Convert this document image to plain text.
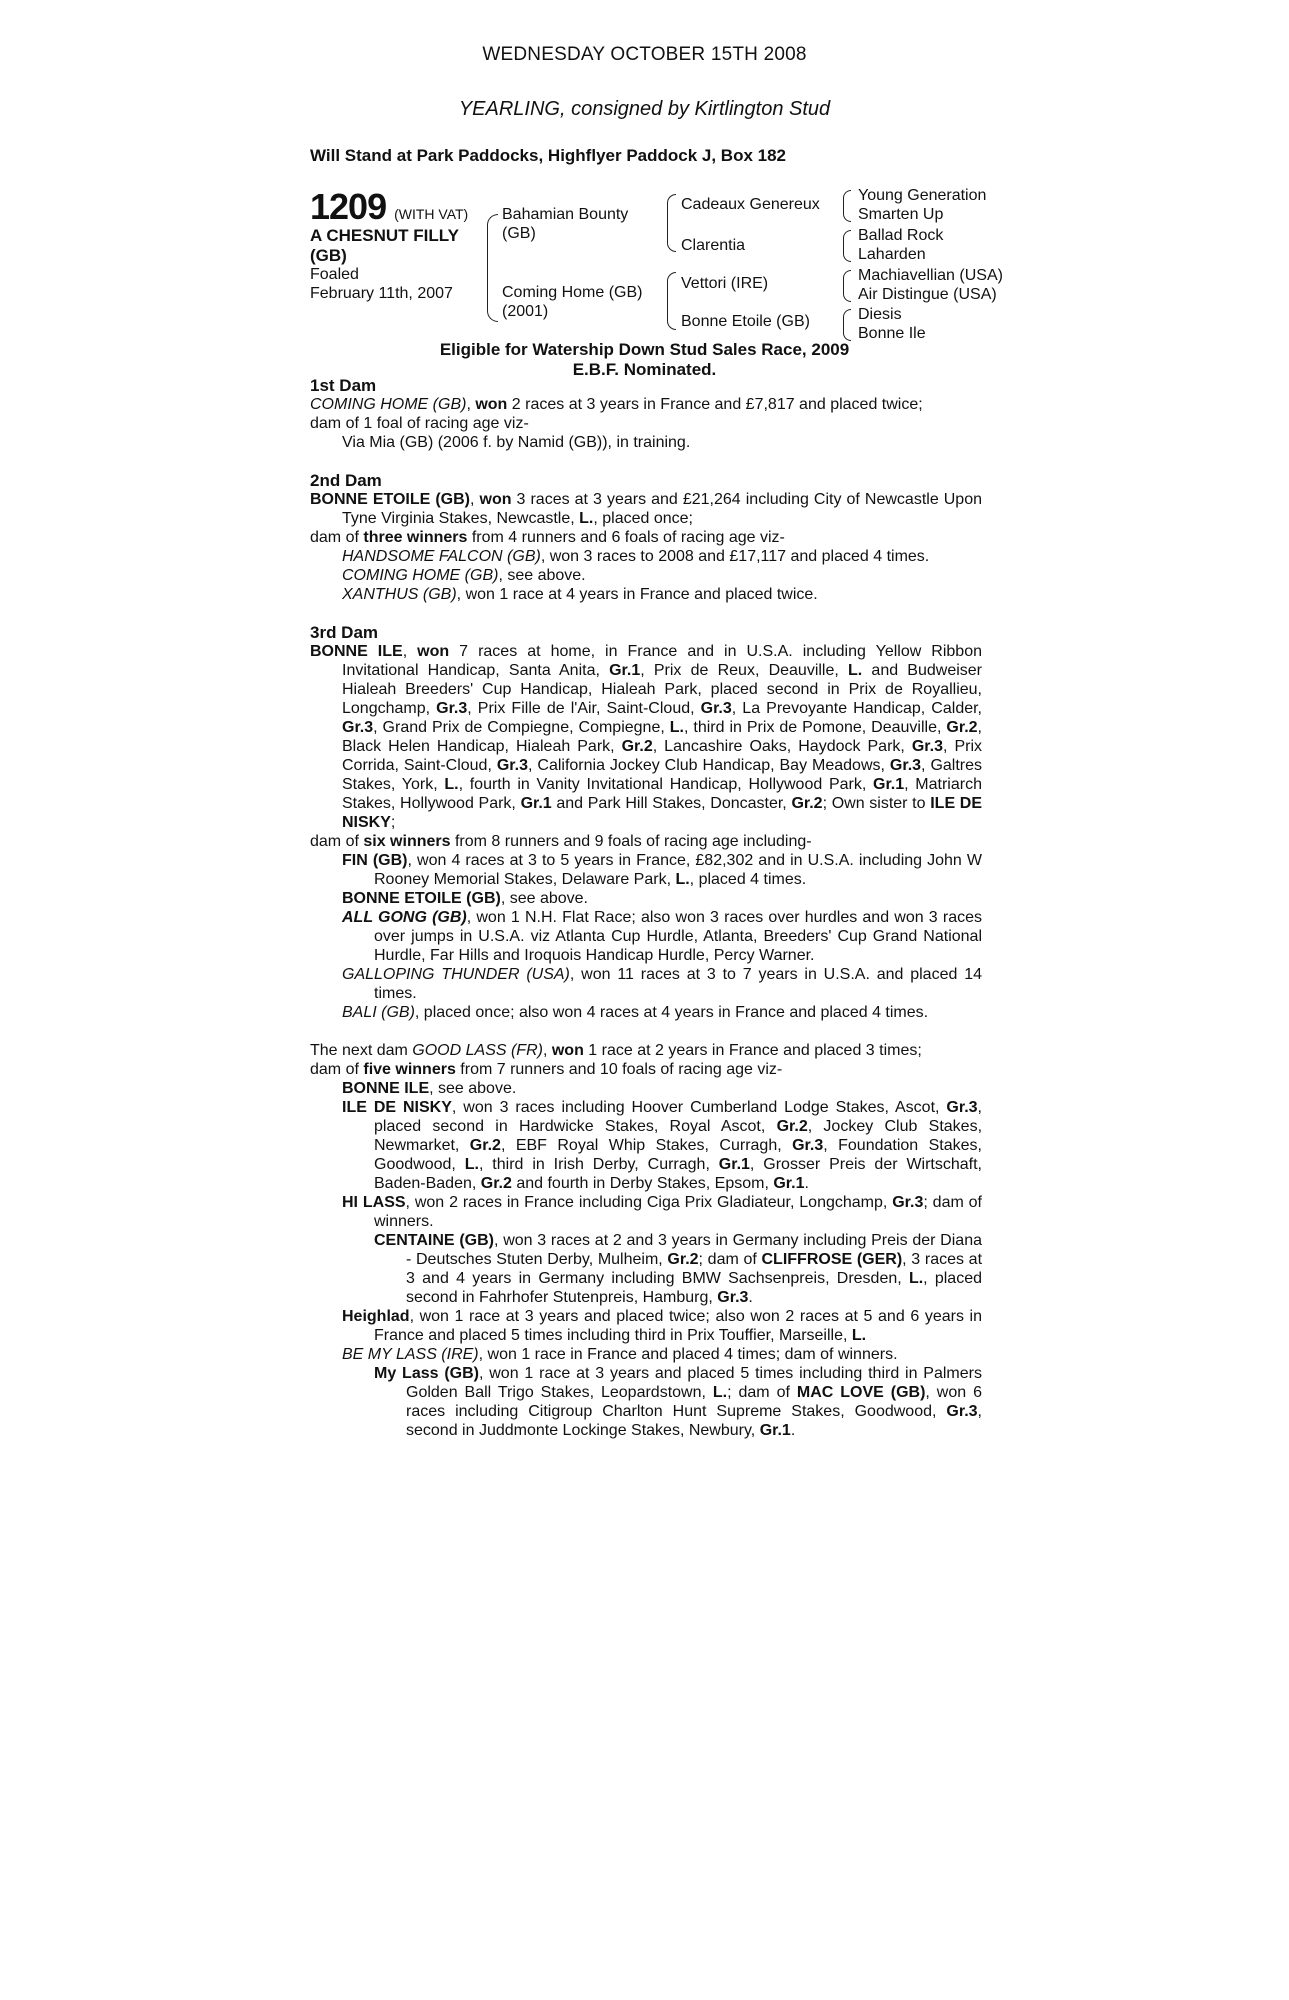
WEDNESDAY OCTOBER 15TH 2008
YEARLING, consigned by Kirtlington Stud
Will Stand at Park Paddocks, Highflyer Paddock J, Box 182
1209 (WITH VAT)
A CHESNUT FILLY
(GB)
Foaled
February 11th, 2007
Bahamian Bounty
(GB)
Coming Home (GB)
(2001)
Cadeaux Genereux
Clarentia
Vettori (IRE)
Bonne Etoile (GB)
Young Generation
Smarten Up
Ballad Rock
Laharden
Machiavellian (USA)
Air Distingue (USA)
Diesis
Bonne Ile
Eligible for Watership Down Stud Sales Race, 2009
E.B.F. Nominated.

1st Dam

COMING HOME (GB), won 2 races at 3 years in France and £7,817 and placed twice;

dam of 1 foal of racing age viz-

Via Mia (GB) (2006 f. by Namid (GB)), in training.

2nd Dam

BONNE ETOILE (GB), won 3 races at 3 years and £21,264 including City of Newcastle Upon Tyne Virginia Stakes, Newcastle, L., placed once;

dam of three winners from 4 runners and 6 foals of racing age viz-

HANDSOME FALCON (GB), won 3 races to 2008 and £17,117 and placed 4 times.

COMING HOME (GB), see above.

XANTHUS (GB), won 1 race at 4 years in France and placed twice.

3rd Dam

BONNE ILE, won 7 races at home, in France and in U.S.A. including Yellow Ribbon Invitational Handicap, Santa Anita, Gr.1, Prix de Reux, Deauville, L. and Budweiser Hialeah Breeders' Cup Handicap, Hialeah Park, placed second in Prix de Royallieu, Longchamp, Gr.3, Prix Fille de l'Air, Saint-Cloud, Gr.3, La Prevoyante Handicap, Calder, Gr.3, Grand Prix de Compiegne, Compiegne, L., third in Prix de Pomone, Deauville, Gr.2, Black Helen Handicap, Hialeah Park, Gr.2, Lancashire Oaks, Haydock Park, Gr.3, Prix Corrida, Saint-Cloud, Gr.3, California Jockey Club Handicap, Bay Meadows, Gr.3, Galtres Stakes, York, L., fourth in Vanity Invitational Handicap, Hollywood Park, Gr.1, Matriarch Stakes, Hollywood Park, Gr.1 and Park Hill Stakes, Doncaster, Gr.2; Own sister to ILE DE NISKY;

dam of six winners from 8 runners and 9 foals of racing age including-

FIN (GB), won 4 races at 3 to 5 years in France, £82,302 and in U.S.A. including John W Rooney Memorial Stakes, Delaware Park, L., placed 4 times.

BONNE ETOILE (GB), see above.

ALL GONG (GB), won 1 N.H. Flat Race; also won 3 races over hurdles and won 3 races over jumps in U.S.A. viz Atlanta Cup Hurdle, Atlanta, Breeders' Cup Grand National Hurdle, Far Hills and Iroquois Handicap Hurdle, Percy Warner.

GALLOPING THUNDER (USA), won 11 races at 3 to 7 years in U.S.A. and placed 14 times.

BALI (GB), placed once; also won 4 races at 4 years in France and placed 4 times.

The next dam GOOD LASS (FR), won 1 race at 2 years in France and placed 3 times;

dam of five winners from 7 runners and 10 foals of racing age viz-

BONNE ILE, see above.

ILE DE NISKY, won 3 races including Hoover Cumberland Lodge Stakes, Ascot, Gr.3, placed second in Hardwicke Stakes, Royal Ascot, Gr.2, Jockey Club Stakes, Newmarket, Gr.2, EBF Royal Whip Stakes, Curragh, Gr.3, Foundation Stakes, Goodwood, L., third in Irish Derby, Curragh, Gr.1, Grosser Preis der Wirtschaft, Baden-Baden, Gr.2 and fourth in Derby Stakes, Epsom, Gr.1.

HI LASS, won 2 races in France including Ciga Prix Gladiateur, Longchamp, Gr.3; dam of winners.

CENTAINE (GB), won 3 races at 2 and 3 years in Germany including Preis der Diana - Deutsches Stuten Derby, Mulheim, Gr.2; dam of CLIFFROSE (GER), 3 races at 3 and 4 years in Germany including BMW Sachsenpreis, Dresden, L., placed second in Fahrhofer Stutenpreis, Hamburg, Gr.3.

Heighlad, won 1 race at 3 years and placed twice; also won 2 races at 5 and 6 years in France and placed 5 times including third in Prix Touffier, Marseille, L.

BE MY LASS (IRE), won 1 race in France and placed 4 times; dam of winners.

My Lass (GB), won 1 race at 3 years and placed 5 times including third in Palmers Golden Ball Trigo Stakes, Leopardstown, L.; dam of MAC LOVE (GB), won 6 races including Citigroup Charlton Hunt Supreme Stakes, Goodwood, Gr.3, second in Juddmonte Lockinge Stakes, Newbury, Gr.1.
